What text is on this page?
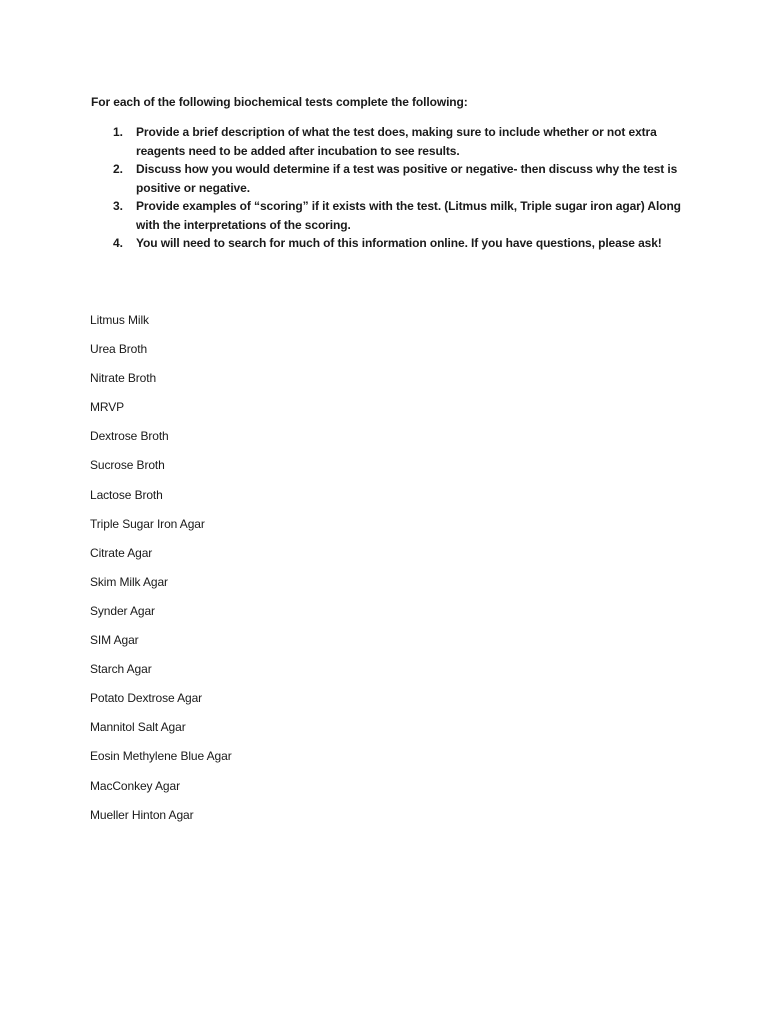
For each of the following biochemical tests complete the following:

1. Provide a brief description of what the test does, making sure to include whether or not extra reagents need to be added after incubation to see results.
2. Discuss how you would determine if a test was positive or negative- then discuss why the test is positive or negative.
3. Provide examples of “scoring” if it exists with the test. (Litmus milk, Triple sugar iron agar) Along with the interpretations of the scoring.
4. You will need to search for much of this information online. If you have questions, please ask!
Litmus Milk
Urea Broth
Nitrate Broth
MRVP
Dextrose Broth
Sucrose Broth
Lactose Broth
Triple Sugar Iron Agar
Citrate Agar
Skim Milk Agar
Synder Agar
SIM Agar
Starch Agar
Potato Dextrose Agar
Mannitol Salt Agar
Eosin Methylene Blue Agar
MacConkey Agar
Mueller Hinton Agar
